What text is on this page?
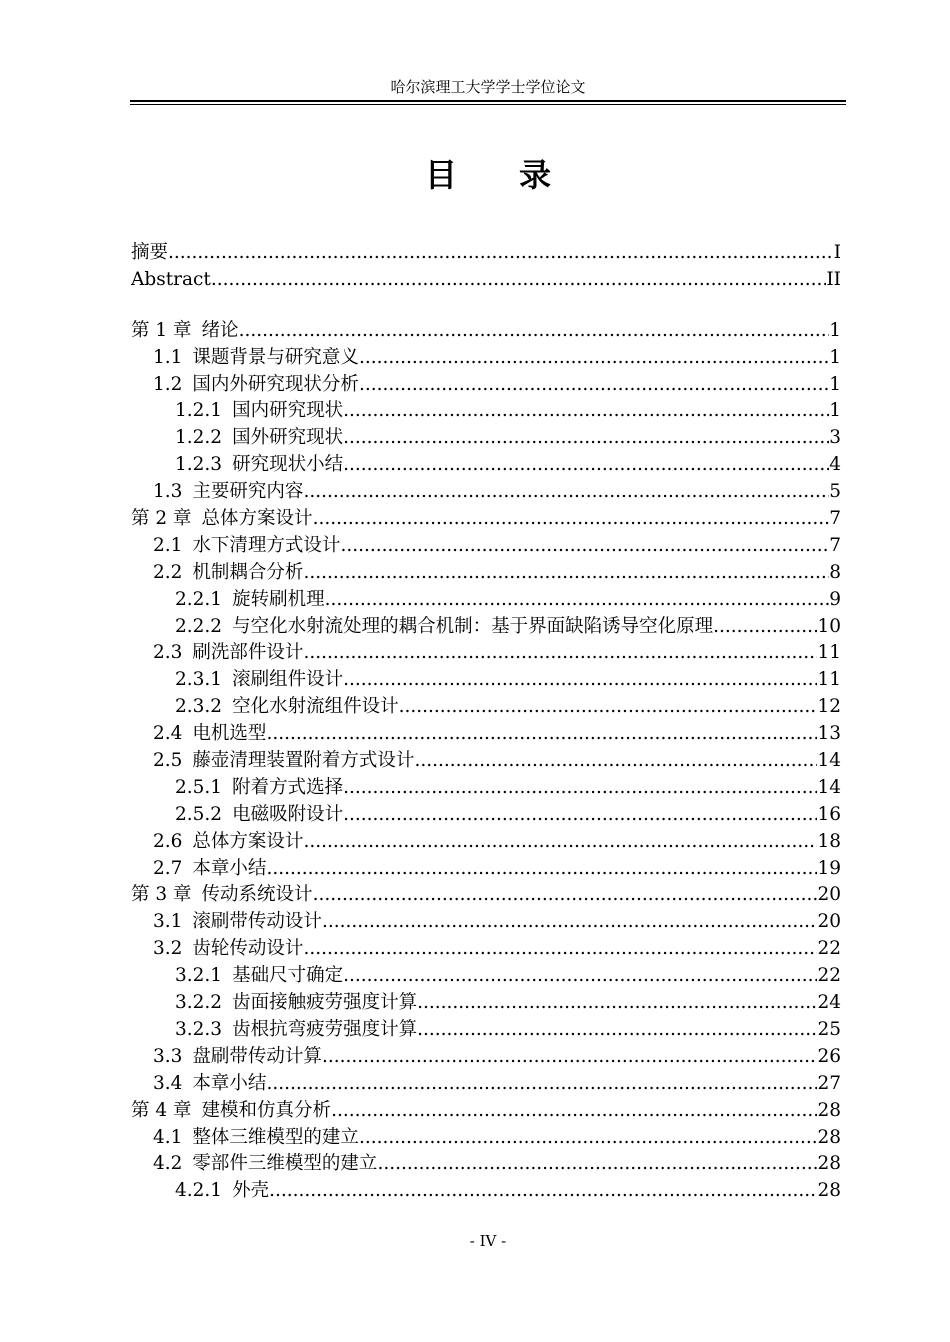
哈尔滨理工大学学士学位论文
目录
摘要 .....	I
Abstract .....	II
第 1 章 绪论 .....	1
1.1 课题背景与研究意义 .....	1
1.2 国内外研究现状分析 .....	1
1.2.1 国内研究现状 .....	1
1.2.2 国外研究现状 .....	3
1.2.3 研究现状小结 .....	4
1.3 主要研究内容 .....	5
第 2 章 总体方案设计 .....	7
2.1 水下清理方式设计 .....	7
2.2 机制耦合分析 .....	8
2.2.1 旋转刷机理 .....	9
2.2.2 与空化水射流处理的耦合机制：基于界面缺陷诱导空化原理 .....	10
2.3 刷洗部件设计 .....	11
2.3.1 滚刷组件设计 .....	11
2.3.2 空化水射流组件设计 .....	12
2.4 电机选型 .....	13
2.5 藤壶清理装置附着方式设计 .....	14
2.5.1 附着方式选择 .....	14
2.5.2 电磁吸附设计 .....	16
2.6 总体方案设计 .....	18
2.7 本章小结 .....	19
第 3 章 传动系统设计 .....	20
3.1 滚刷带传动设计 .....	20
3.2 齿轮传动设计 .....	22
3.2.1 基础尺寸确定 .....	22
3.2.2 齿面接触疲劳强度计算 .....	24
3.2.3 齿根抗弯疲劳强度计算 .....	25
3.3 盘刷带传动计算 .....	26
3.4 本章小结 .....	27
第 4 章 建模和仿真分析 .....	28
4.1 整体三维模型的建立 .....	28
4.2 零部件三维模型的建立 .....	28
4.2.1 外壳 .....	28
- IV -
